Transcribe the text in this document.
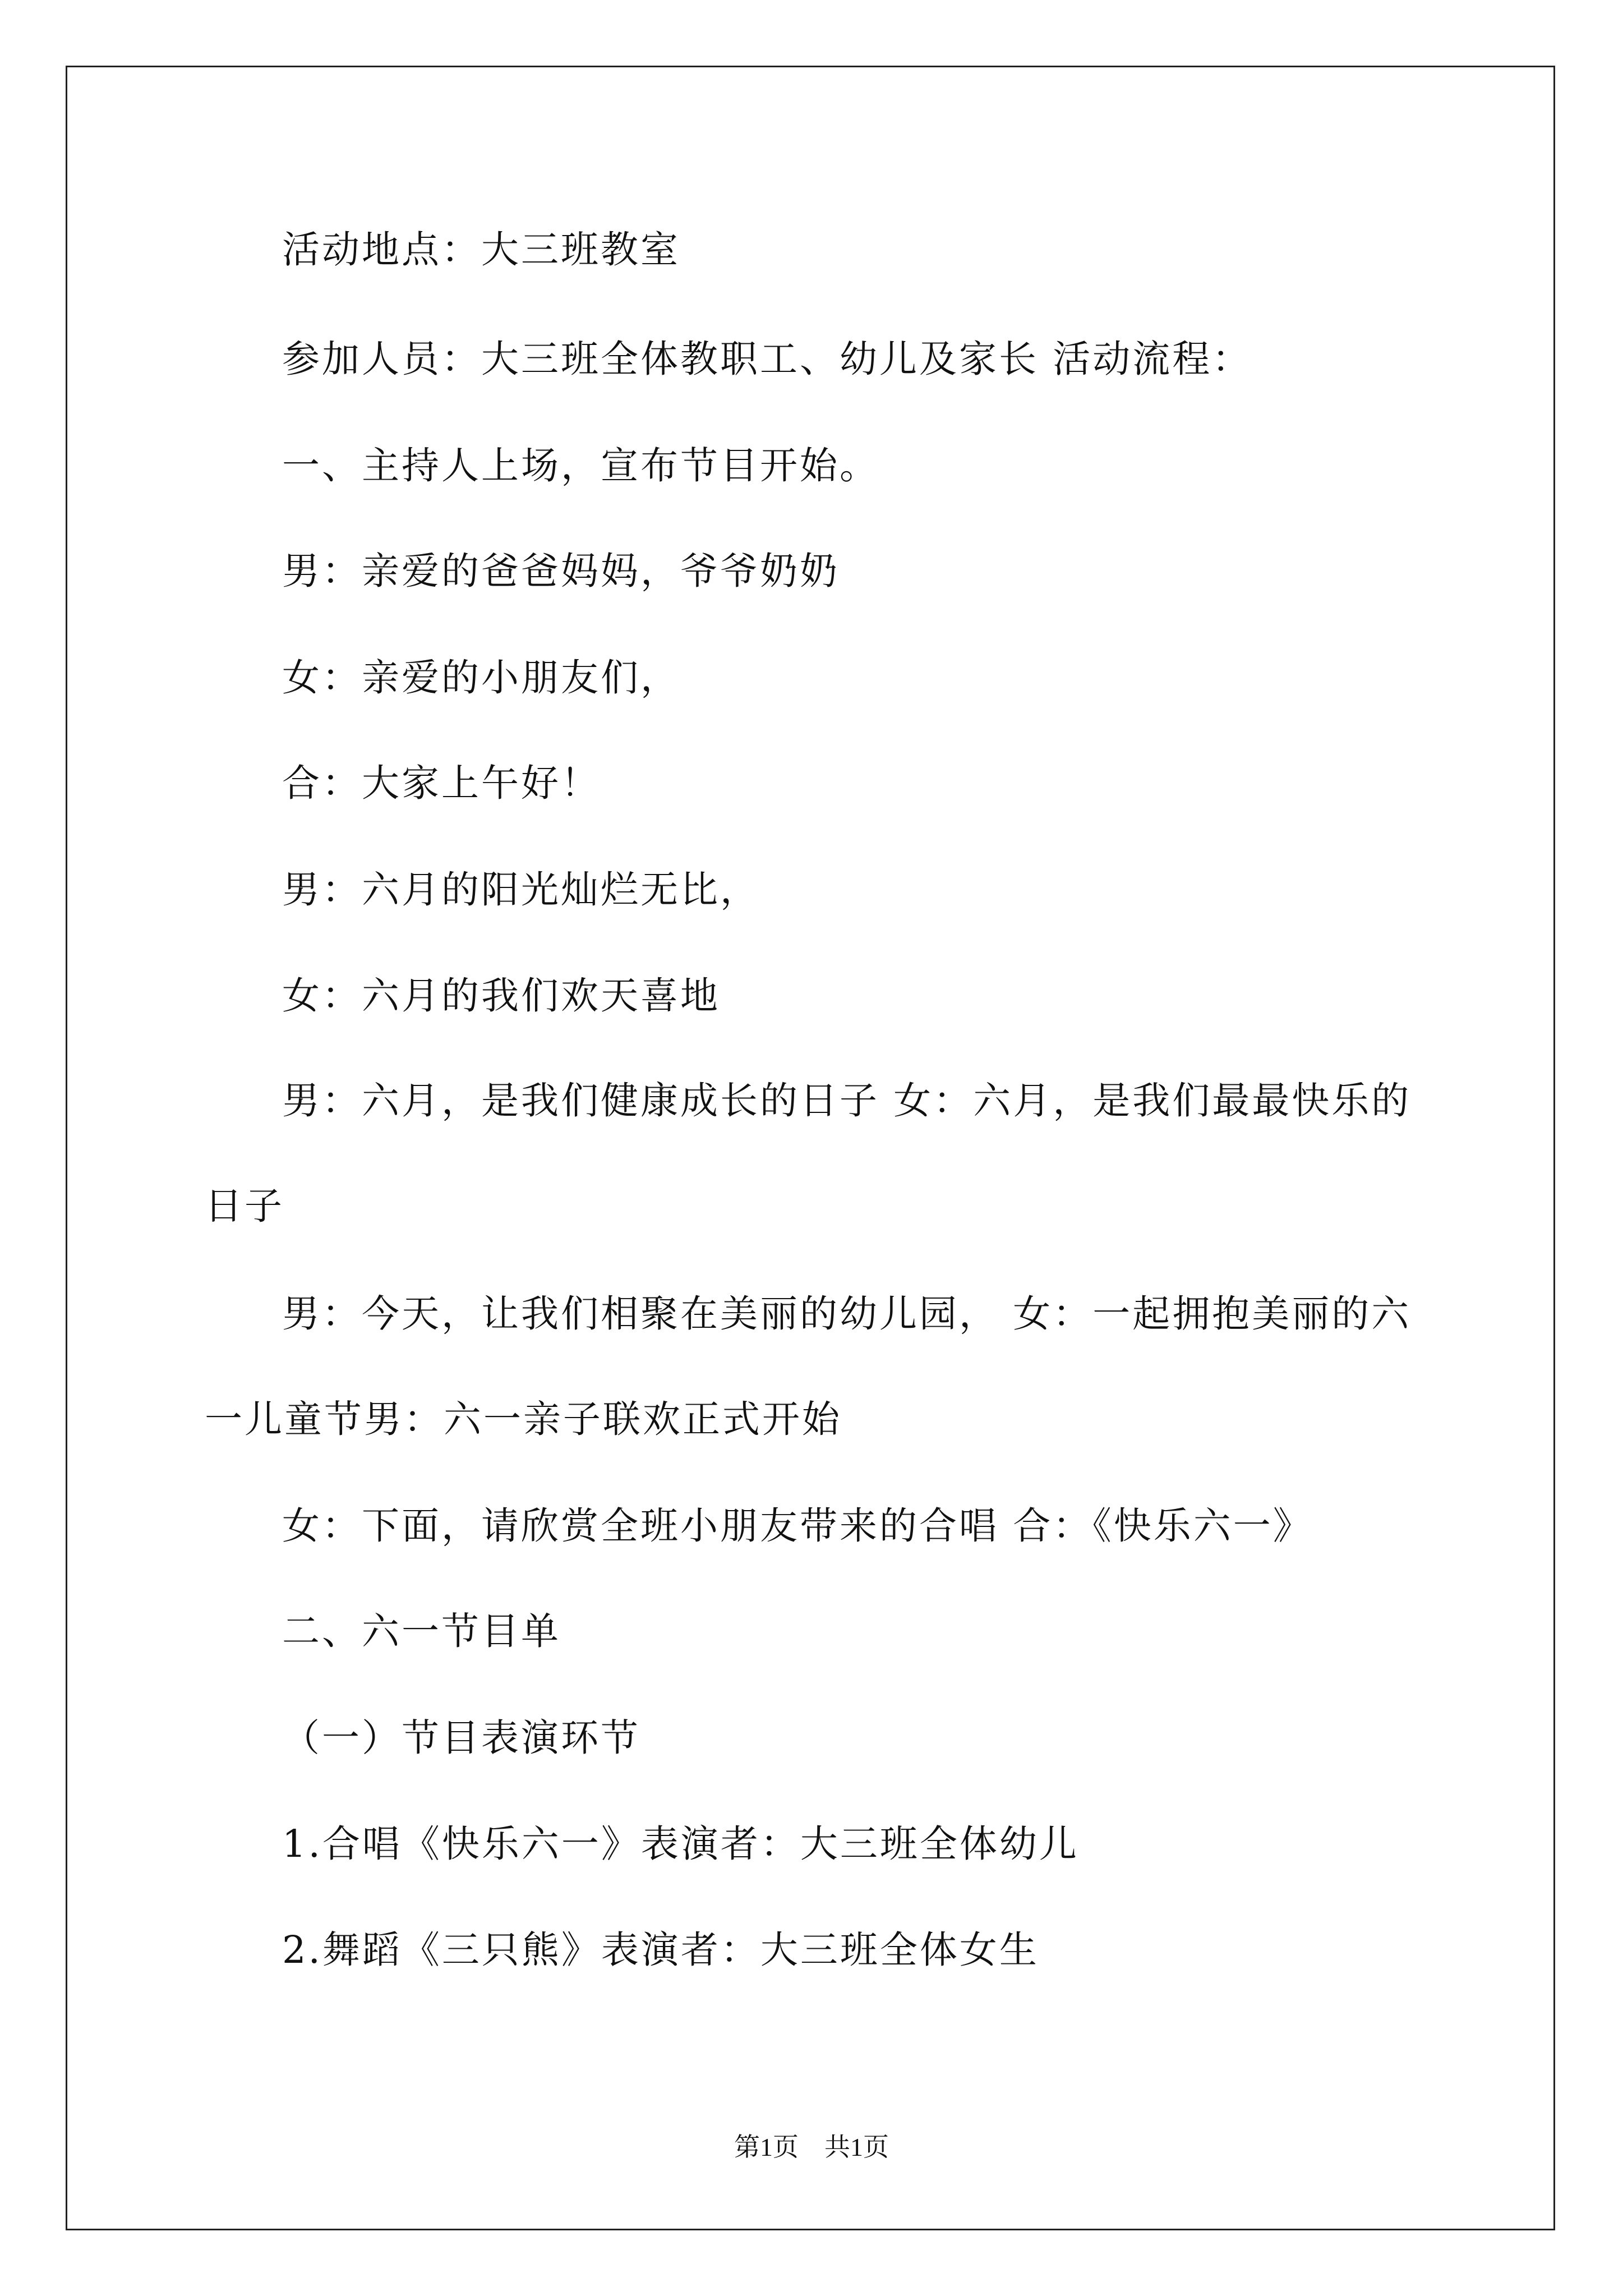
活动地点：大三班教室
参加人员：大三班全体教职工、幼儿及家长 活动流程：
一、主持人上场，宣布节目开始。
男：亲爱的爸爸妈妈，爷爷奶奶
女：亲爱的小朋友们，
合：大家上午好！
男：六月的阳光灿烂无比，
女：六月的我们欢天喜地
男：六月，是我们健康成长的日子 女：六月，是我们最最快乐的
日子
男：今天，让我们相聚在美丽的幼儿园， 女：一起拥抱美丽的六
一儿童节男：六一亲子联欢正式开始
女：下面，请欣赏全班小朋友带来的合唱 合：《快乐六一》
二、六一节目单
（一）节目表演环节
1.合唱《快乐六一》表演者：大三班全体幼儿
2.舞蹈《三只熊》表演者：大三班全体女生
第1页　共1页
